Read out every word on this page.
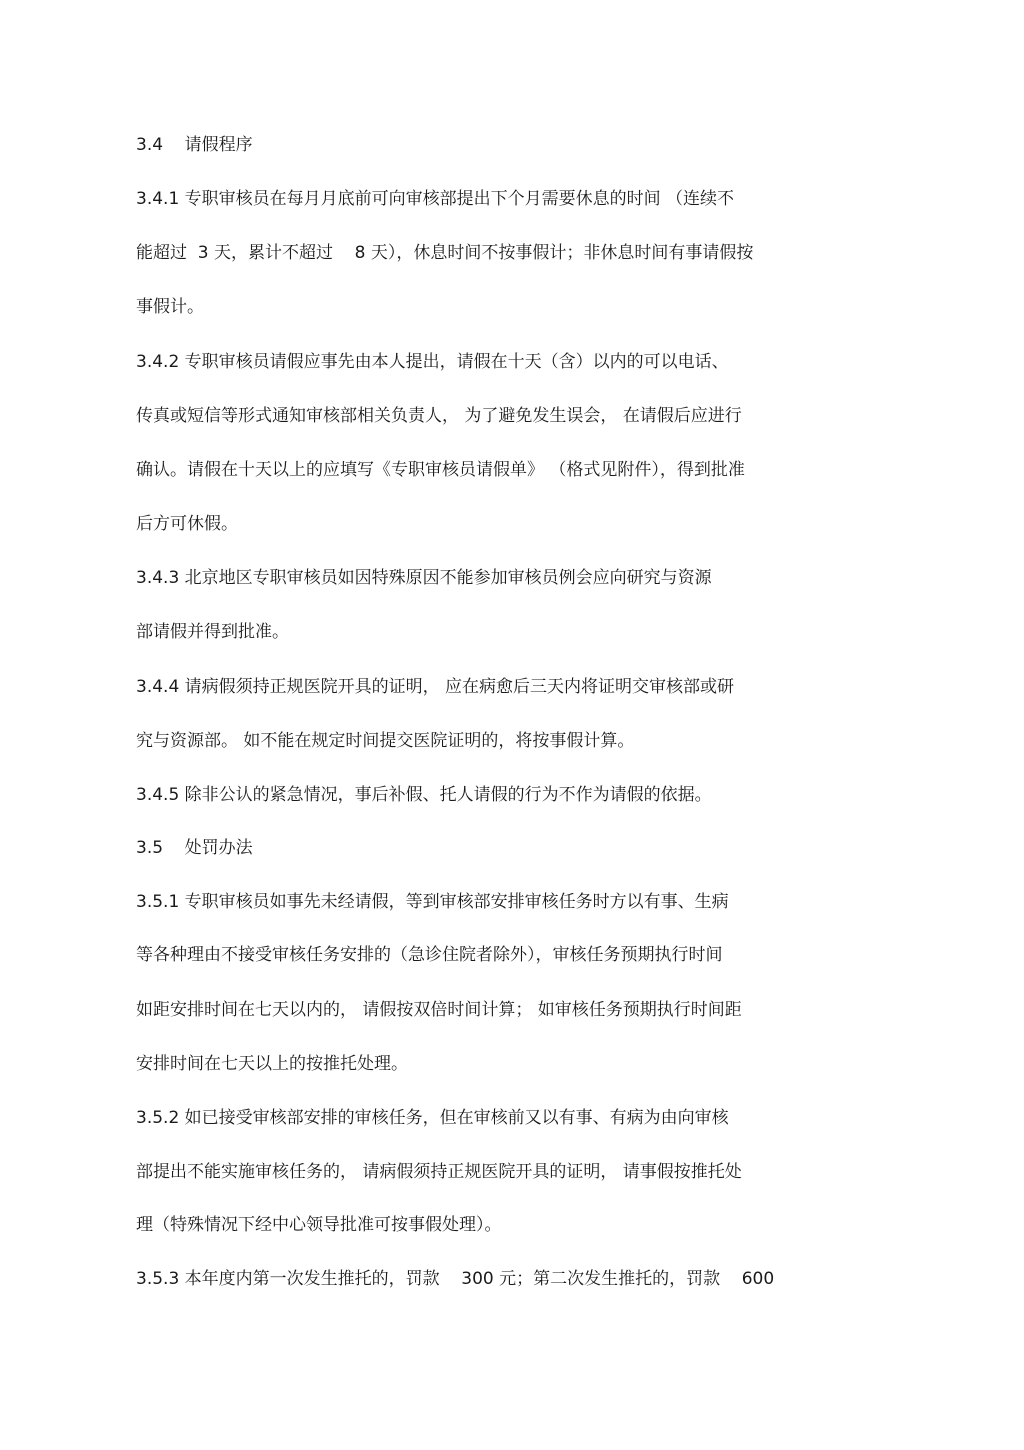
3.4    请假程序
3.4.1 专职审核员在每月月底前可向审核部提出下个月需要休息的时间 （连续不
能超过  3 天，累计不超过    8 天），休息时间不按事假计；非休息时间有事请假按
事假计。
3.4.2 专职审核员请假应事先由本人提出，请假在十天（含）以内的可以电话、
传真或短信等形式通知审核部相关负责人， 为了避免发生误会， 在请假后应进行
确认。请假在十天以上的应填写《专职审核员请假单》 （格式见附件），得到批准
后方可休假。
3.4.3 北京地区专职审核员如因特殊原因不能参加审核员例会应向研究与资源
部请假并得到批准。
3.4.4 请病假须持正规医院开具的证明， 应在病愈后三天内将证明交审核部或研
究与资源部。 如不能在规定时间提交医院证明的，将按事假计算。
3.4.5 除非公认的紧急情况，事后补假、托人请假的行为不作为请假的依据。
3.5    处罚办法
3.5.1 专职审核员如事先未经请假，等到审核部安排审核任务时方以有事、生病
等各种理由不接受审核任务安排的（急诊住院者除外），审核任务预期执行时间
如距安排时间在七天以内的， 请假按双倍时间计算； 如审核任务预期执行时间距
安排时间在七天以上的按推托处理。
3.5.2 如已接受审核部安排的审核任务，但在审核前又以有事、有病为由向审核
部提出不能实施审核任务的， 请病假须持正规医院开具的证明， 请事假按推托处
理（特殊情况下经中心领导批准可按事假处理）。
3.5.3 本年度内第一次发生推托的，罚款    300 元；第二次发生推托的，罚款    600
